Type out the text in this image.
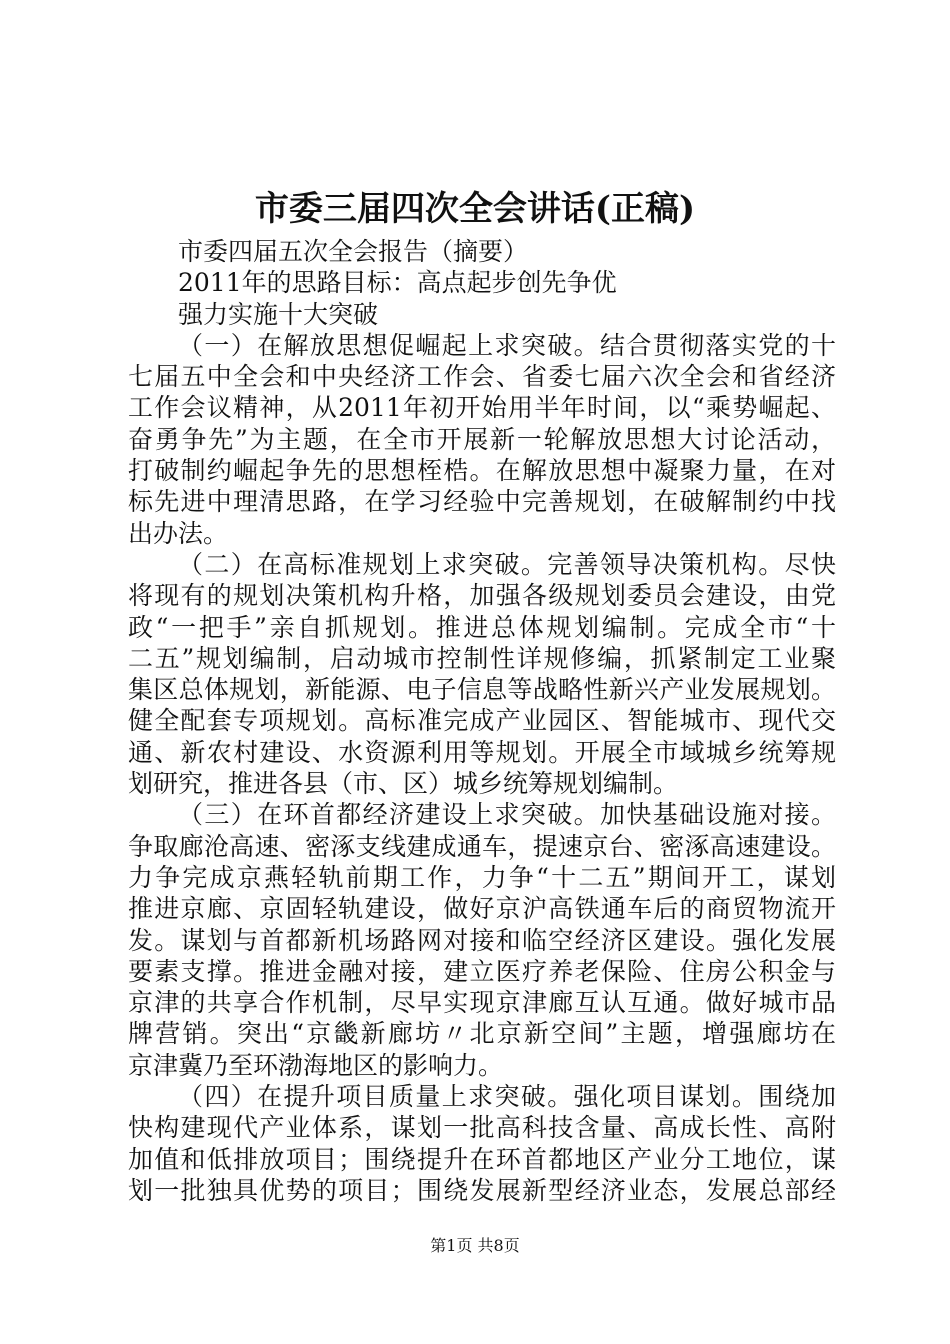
市委三届四次全会讲话(正稿)
市委四届五次全会报告（摘要）
2011年的思路目标：高点起步创先争优
强力实施十大突破
（一）在解放思想促崛起上求突破。结合贯彻落实党的十
七届五中全会和中央经济工作会、省委七届六次全会和省经济
工作会议精神，从2011年初开始用半年时间，以“乘势崛起、
奋勇争先”为主题，在全市开展新一轮解放思想大讨论活动，
打破制约崛起争先的思想桎梏。在解放思想中凝聚力量，在对
标先进中理清思路，在学习经验中完善规划，在破解制约中找
出办法。
（二）在高标准规划上求突破。完善领导决策机构。尽快
将现有的规划决策机构升格，加强各级规划委员会建设，由党
政“一把手”亲自抓规划。推进总体规划编制。完成全市“十
二五”规划编制，启动城市控制性详规修编，抓紧制定工业聚
集区总体规划，新能源、电子信息等战略性新兴产业发展规划。
健全配套专项规划。高标准完成产业园区、智能城市、现代交
通、新农村建设、水资源利用等规划。开展全市域城乡统筹规
划研究，推进各县（市、区）城乡统筹规划编制。
（三）在环首都经济建设上求突破。加快基础设施对接。
争取廊沧高速、密涿支线建成通车，提速京台、密涿高速建设。
力争完成京燕轻轨前期工作，力争“十二五”期间开工，谋划
推进京廊、京固轻轨建设，做好京沪高铁通车后的商贸物流开
发。谋划与首都新机场路网对接和临空经济区建设。强化发展
要素支撑。推进金融对接，建立医疗养老保险、住房公积金与
京津的共享合作机制，尽早实现京津廊互认互通。做好城市品
牌营销。突出“京畿新廊坊〃北京新空间”主题，增强廊坊在
京津冀乃至环渤海地区的影响力。
（四）在提升项目质量上求突破。强化项目谋划。围绕加
快构建现代产业体系，谋划一批高科技含量、高成长性、高附
加值和低排放项目；围绕提升在环首都地区产业分工地位，谋
划一批独具优势的项目；围绕发展新型经济业态，发展总部经
第1页 共8页
